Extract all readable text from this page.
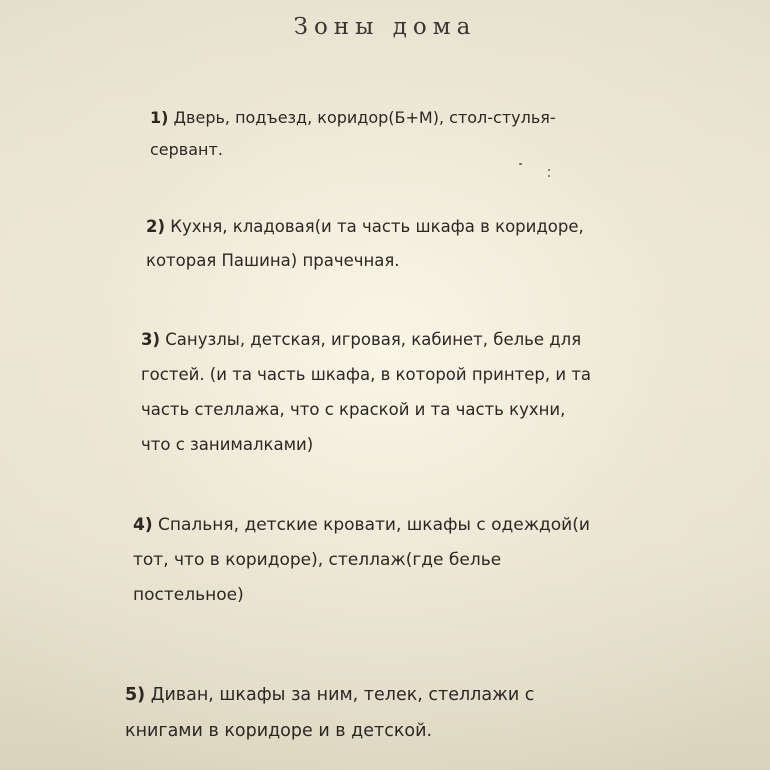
Зоны дома
1) Дверь, подъезд, коридор(Б+М), стол-стулья-
сервант.
2) Кухня, кладовая(и та часть шкафа в коридоре,
которая Пашина) прачечная.
3) Санузлы, детская, игровая, кабинет, белье для
гостей. (и та часть шкафа, в которой принтер, и та
часть стеллажа, что с краской и та часть кухни,
что с занималками)
4) Спальня, детские кровати, шкафы с одеждой(и
тот, что в коридоре), стеллаж(где белье
постельное)
5) Диван, шкафы за ним, телек, стеллажи с
книгами в коридоре и в детской.
